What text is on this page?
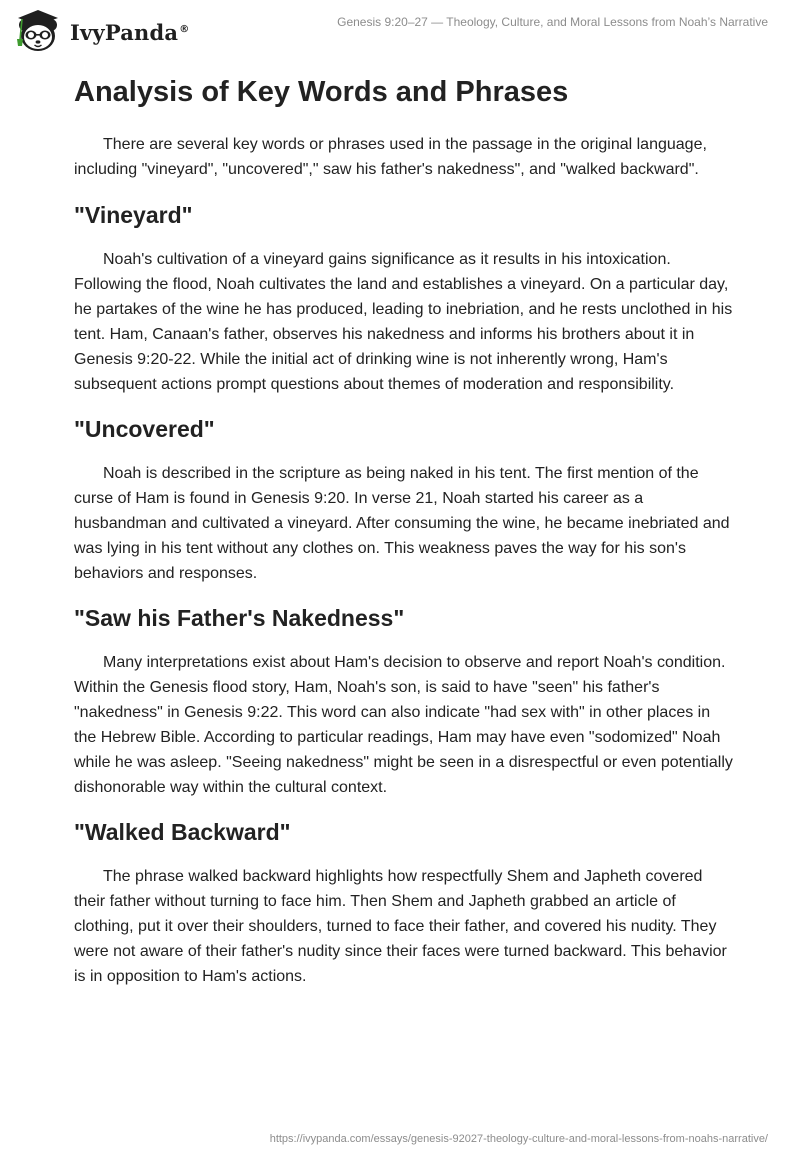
IvyPanda®	Genesis 9:20–27 — Theology, Culture, and Moral Lessons from Noah’s Narrative
Analysis of Key Words and Phrases

There are several key words or phrases used in the passage in the original language, including "vineyard", "uncovered"," saw his father's nakedness", and "walked backward".

"Vineyard"

Noah's cultivation of a vineyard gains significance as it results in his intoxication. Following the flood, Noah cultivates the land and establishes a vineyard. On a particular day, he partakes of the wine he has produced, leading to inebriation, and he rests unclothed in his tent. Ham, Canaan's father, observes his nakedness and informs his brothers about it in Genesis 9:20-22. While the initial act of drinking wine is not inherently wrong, Ham's subsequent actions prompt questions about themes of moderation and responsibility.

"Uncovered"

Noah is described in the scripture as being naked in his tent. The first mention of the curse of Ham is found in Genesis 9:20. In verse 21, Noah started his career as a husbandman and cultivated a vineyard. After consuming the wine, he became inebriated and was lying in his tent without any clothes on. This weakness paves the way for his son's behaviors and responses.

"Saw his Father's Nakedness"

Many interpretations exist about Ham's decision to observe and report Noah's condition. Within the Genesis flood story, Ham, Noah's son, is said to have "seen" his father's "nakedness" in Genesis 9:22. This word can also indicate "had sex with" in other places in the Hebrew Bible. According to particular readings, Ham may have even "sodomized" Noah while he was asleep. "Seeing nakedness" might be seen in a disrespectful or even potentially dishonorable way within the cultural context.

"Walked Backward"

The phrase walked backward highlights how respectfully Shem and Japheth covered their father without turning to face him. Then Shem and Japheth grabbed an article of clothing, put it over their shoulders, turned to face their father, and covered his nudity. They were not aware of their father's nudity since their faces were turned backward. This behavior is in opposition to Ham's actions.

https://ivypanda.com/essays/genesis-92027-theology-culture-and-moral-lessons-from-noahs-narrative/
